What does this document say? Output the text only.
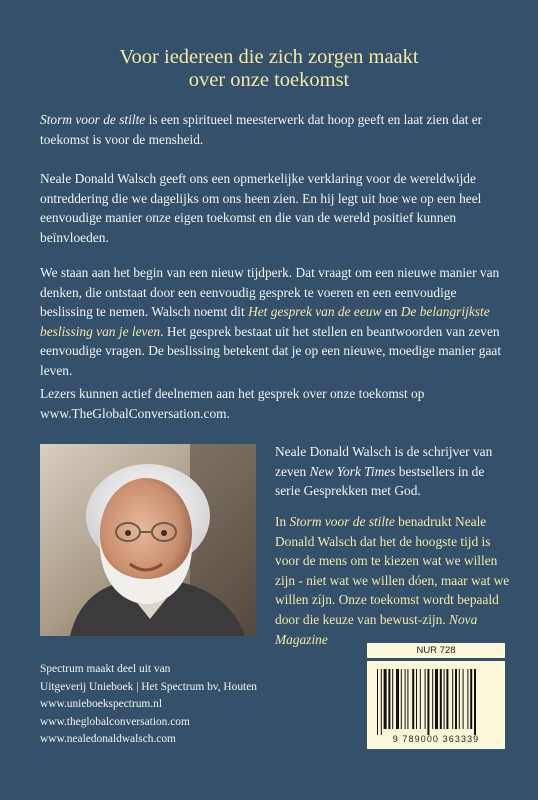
Voor iedereen die zich zorgen maakt
over onze toekomst
Storm voor de stilte is een spiritueel meesterwerk dat hoop geeft en laat zien dat er toekomst is voor de mensheid.
Neale Donald Walsch geeft ons een opmerkelijke verklaring voor de wereldwijde ontreddering die we dagelijks om ons heen zien. En hij legt uit hoe we op een heel eenvoudige manier onze eigen toekomst en die van de wereld positief kunnen beïnvloeden.
We staan aan het begin van een nieuw tijdperk. Dat vraagt om een nieuwe manier van denken, die ontstaat door een eenvoudig gesprek te voeren en een eenvoudige beslissing te nemen. Walsch noemt dit Het gesprek van de eeuw en De belangrijkste beslissing van je leven. Het gesprek bestaat uit het stellen en beantwoorden van zeven eenvoudige vragen. De beslissing betekent dat je op een nieuwe, moedige manier gaat leven.
Lezers kunnen actief deelnemen aan het gesprek over onze toekomst op www.TheGlobalConversation.com.
Neale Donald Walsch is de schrijver van zeven New York Times bestsellers in de serie Gesprekken met God.
In Storm voor de stilte benadrukt Neale Donald Walsch dat het de hoogste tijd is voor de mens om te kiezen wat we willen zijn - niet wat we willen dóen, maar wat we willen zíjn. Onze toekomst wordt bepaald door die keuze van bewust-zijn. Nova Magazine
Spectrum maakt deel uit van
Uitgeverij Unieboek | Het Spectrum bv, Houten
www.unieboekspectrum.nl
www.theglobalconversation.com
www.nealedonaldwalsch.com
NUR 728
9 789000 363339
